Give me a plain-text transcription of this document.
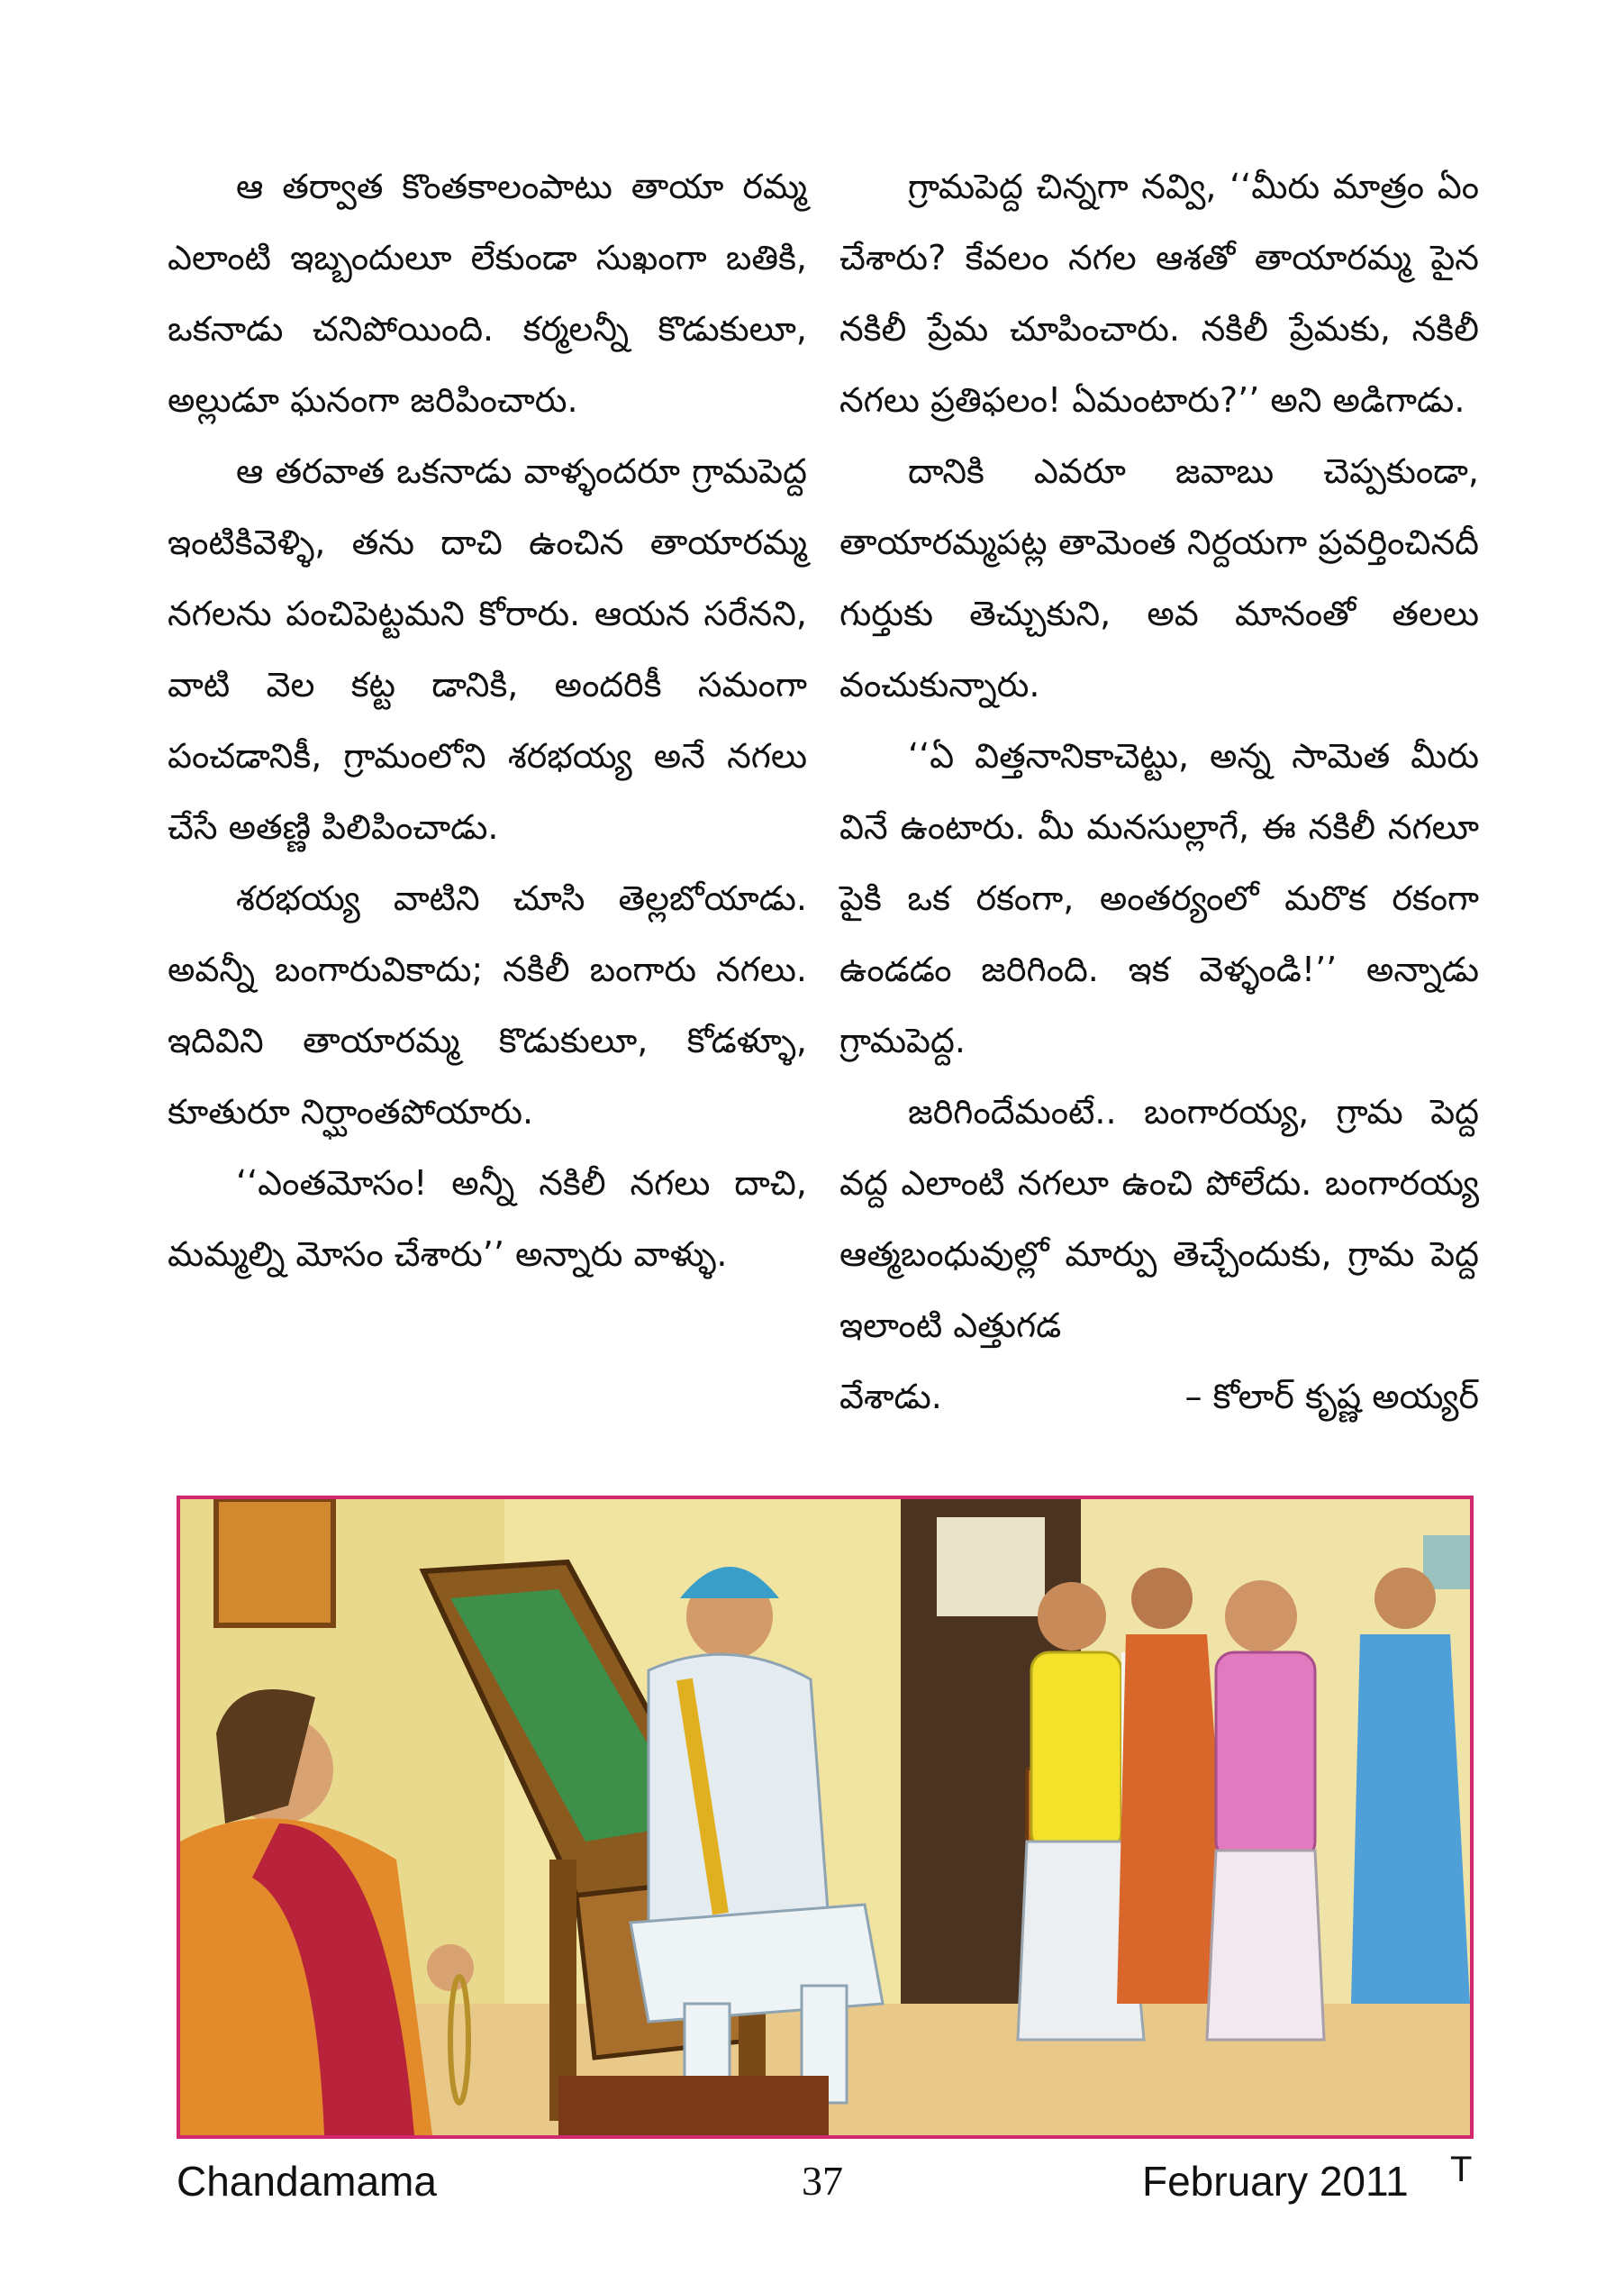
ఆ తర్వాత కొంతకాలంపాటు తాయా రమ్మ ఎలాంటి ఇబ్బందులూ లేకుండా సుఖంగా బతికి, ఒకనాడు చనిపోయింది. కర్మలన్నీ కొడుకులూ, అల్లుడూ ఘనంగా జరిపించారు.

ఆ తరవాత ఒకనాడు వాళ్ళందరూ గ్రామపెద్ద ఇంటికివెళ్ళి, తను దాచి ఉంచిన తాయారమ్మ నగలను పంచిపెట్టమని కోరారు. ఆయన సరేనని, వాటి వెల కట్ట డానికి, అందరికీ సమంగా పంచడానికీ, గ్రామంలోని శరభయ్య అనే నగలు చేసే అతణ్ణి పిలిపించాడు.

శరభయ్య వాటిని చూసి తెల్లబోయాడు. అవన్నీ బంగారువికాదు; నకిలీ బంగారు నగలు. ఇదివిని తాయారమ్మ కొడుకులూ, కోడళ్ళూ, కూతురూ నిర్ఘాంతపోయారు.

‘‘ఎంతమోసం! అన్నీ నకిలీ నగలు దాచి, మమ్మల్ని మోసం చేశారు’’ అన్నారు వాళ్ళు.

గ్రామపెద్ద చిన్నగా నవ్వి, ‘‘మీరు మాత్రం ఏం చేశారు? కేవలం నగల ఆశతో తాయారమ్మ పైన నకిలీ ప్రేమ చూపించారు. నకిలీ ప్రేమకు, నకిలీ నగలు ప్రతిఫలం! ఏమంటారు?’’ అని అడిగాడు.

దానికి ఎవరూ జవాబు చెప్పకుండా, తాయారమ్మపట్ల తామెంత నిర్దయగా ప్రవర్తించినదీ గుర్తుకు తెచ్చుకుని, అవ మానంతో తలలు వంచుకున్నారు.

‘‘ఏ విత్తనానికాచెట్టు, అన్న సామెత మీరు వినే ఉంటారు. మీ మనసుల్లాగే, ఈ నకిలీ నగలూ పైకి ఒక రకంగా, అంతర్యంలో మరొక రకంగా ఉండడం జరిగింది. ఇక వెళ్ళండి!’’ అన్నాడు గ్రామపెద్ద.

జరిగిందేమంటే.. బంగారయ్య, గ్రామ పెద్ద వద్ద ఎలాంటి నగలూ ఉంచి పోలేదు. బంగారయ్య ఆత్మబంధువుల్లో మార్పు తెచ్చేందుకు, గ్రామ పెద్ద ఇలాంటి ఎత్తుగడ

వేశాడు.	– కోలార్ కృష్ణ అయ్యర్
Chandamama	37	February 2011 T
